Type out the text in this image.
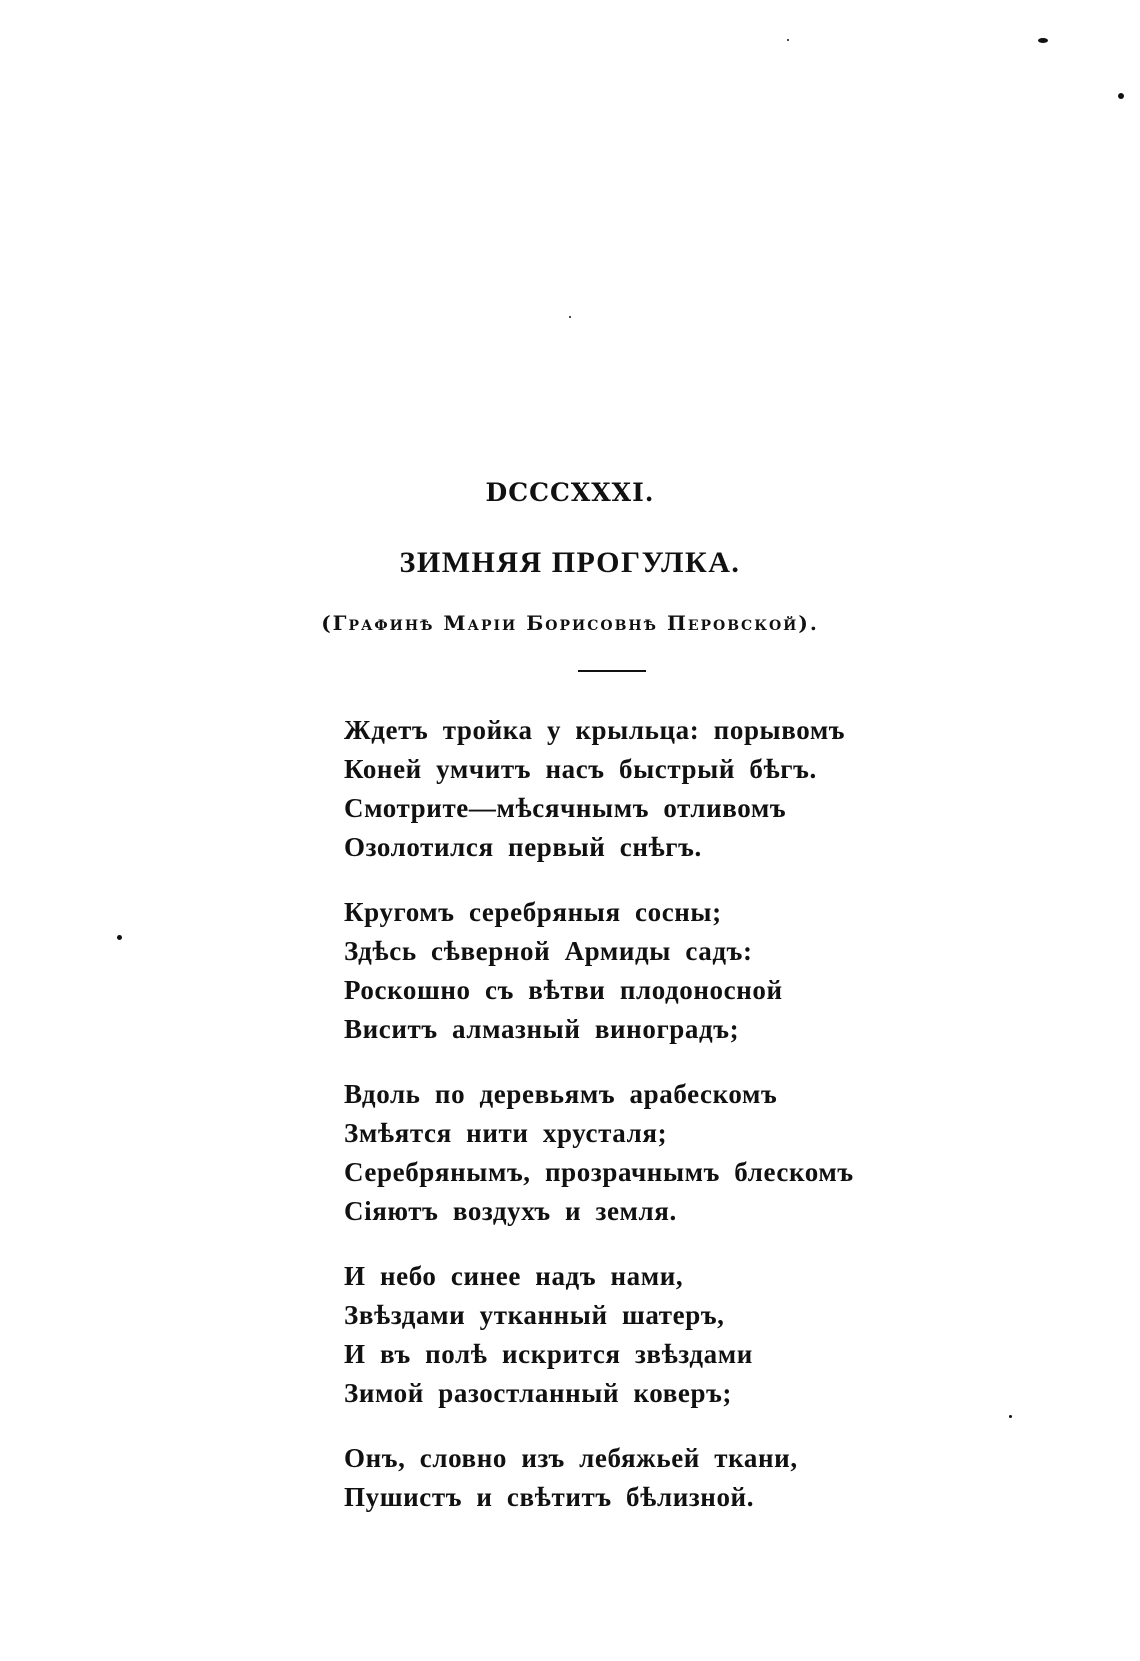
DCCCXXXI.
ЗИМНЯЯ ПРОГУЛКА.

(Графинѣ Марiи Борисовнѣ Перовской).

Ждетъ тройка у крыльца: порывомъ
Коней умчитъ насъ быстрый бѣгъ.
Смотрите—мѣсячнымъ отливомъ
Озолотился первый снѣгъ.
Кругомъ серебряныя сосны;
Здѣсь сѣверной Армиды садъ:
Роскошно съ вѣтви плодоносной
Виситъ алмазный виноградъ;
Вдоль по деревьямъ арабескомъ
Змѣятся нити хрусталя;
Серебрянымъ, прозрачнымъ блескомъ
Сiяютъ воздухъ и земля.
И небо синее надъ нами,
Звѣздами утканный шатеръ,
И въ полѣ искрится звѣздами
Зимой разостланный коверъ;
Онъ, словно изъ лебяжьей ткани,
Пушистъ и свѣтитъ бѣлизной.
